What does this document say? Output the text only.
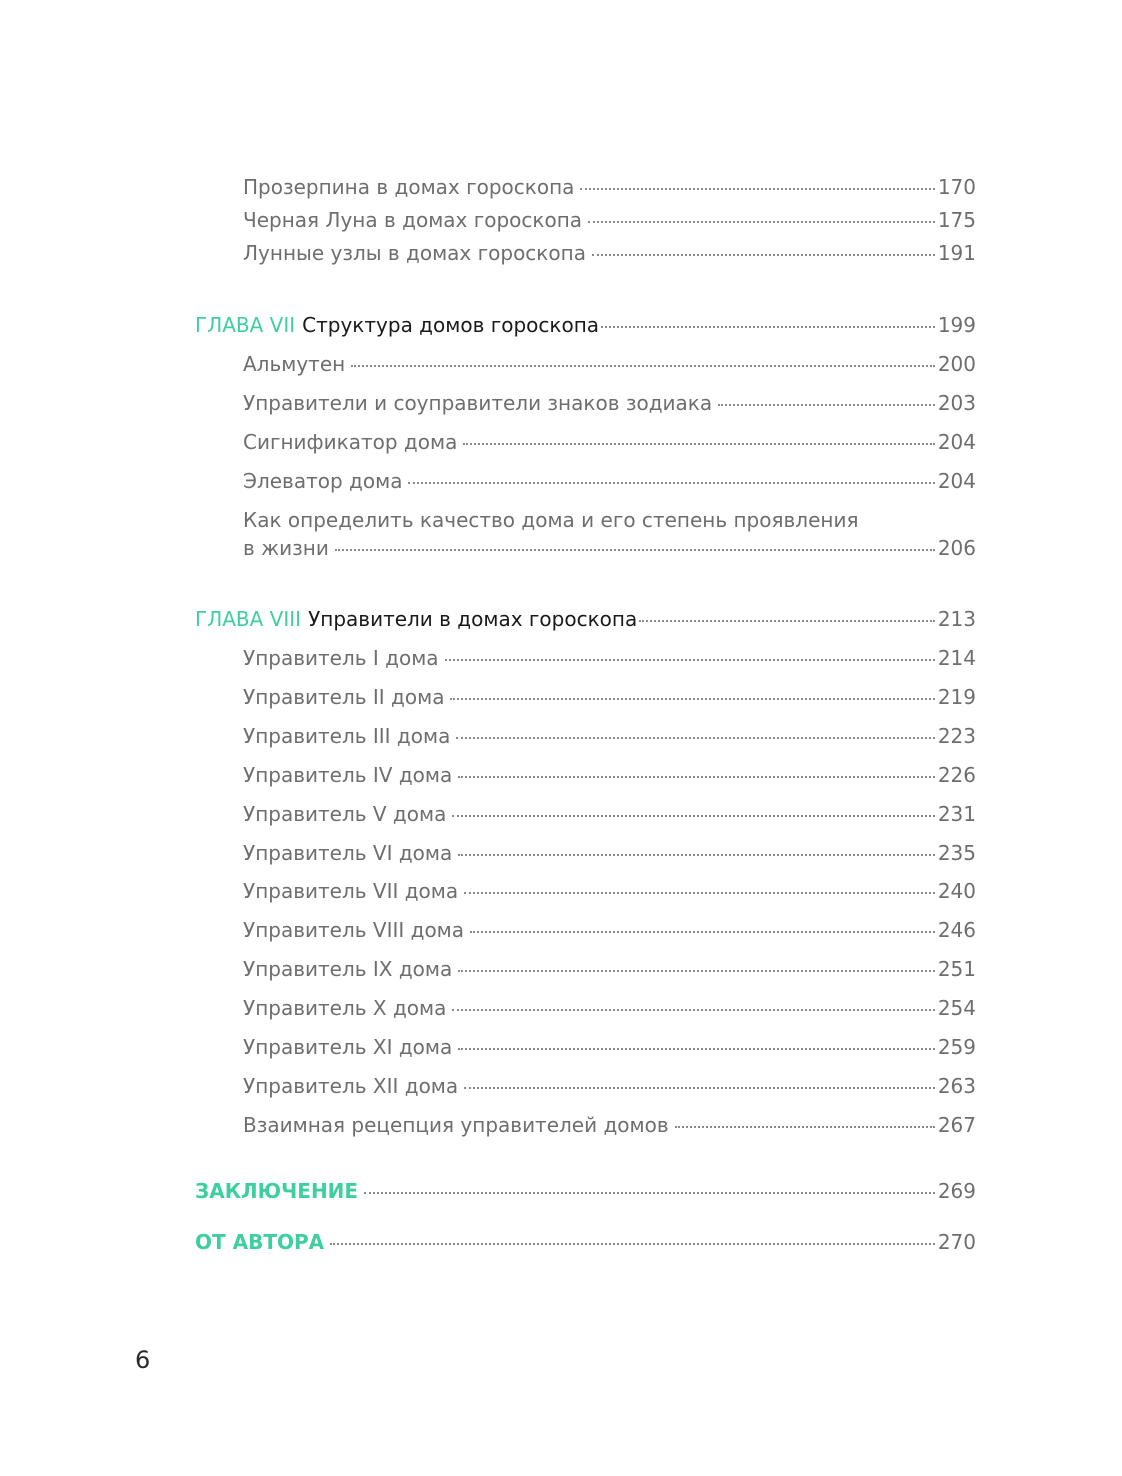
Прозерпина в домах гороскопа	170
Черная Луна в домах гороскопа	175
Лунные узлы в домах гороскопа	191
ГЛАВА VII Структура домов гороскопа	199
Альмутен	200
Управители и соуправители знаков зодиака	203
Сигнификатор дома	204
Элеватор дома	204
Как определить качество дома и его степень проявления
в жизни	206
ГЛАВА VIII Управители в домах гороскопа	213
Управитель I дома	214
Управитель II дома	219
Управитель III дома	223
Управитель IV дома	226
Управитель V дома	231
Управитель VI дома	235
Управитель VII дома	240
Управитель VIII дома	246
Управитель IX дома	251
Управитель X дома	254
Управитель XI дома	259
Управитель XII дома	263
Взаимная рецепция управителей домов	267
ЗАКЛЮЧЕНИЕ	269
ОТ АВТОРА	270
6
